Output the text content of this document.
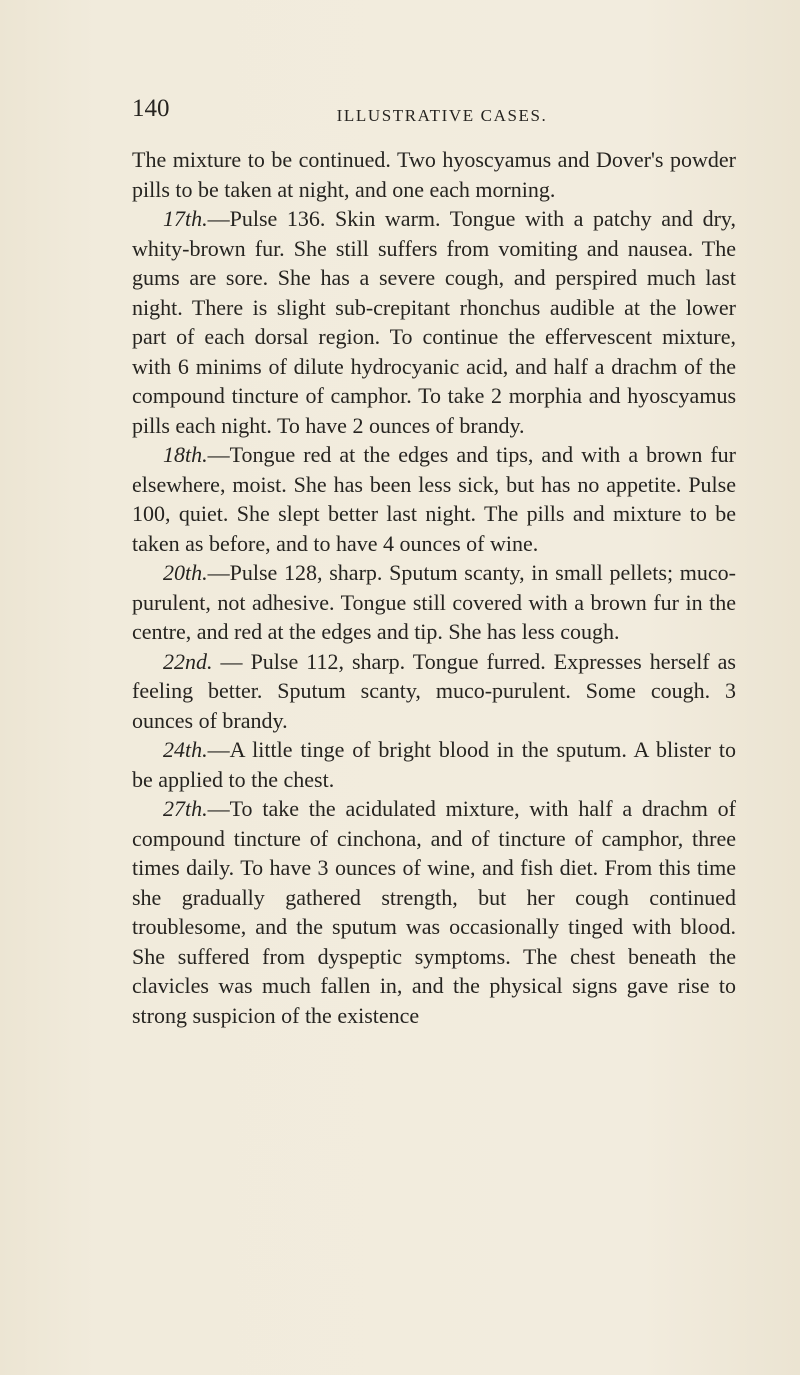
140	ILLUSTRATIVE CASES.

The mixture to be continued. Two hyoscyamus and Dover's powder pills to be taken at night, and one each morning.

17th.—Pulse 136. Skin warm. Tongue with a patchy and dry, whity-brown fur. She still suffers from vomiting and nausea. The gums are sore. She has a severe cough, and perspired much last night. There is slight sub-crepitant rhonchus audible at the lower part of each dorsal region. To continue the effervescent mixture, with 6 minims of dilute hydrocyanic acid, and half a drachm of the compound tincture of camphor. To take 2 morphia and hyoscyamus pills each night. To have 2 ounces of brandy.

18th.—Tongue red at the edges and tips, and with a brown fur elsewhere, moist. She has been less sick, but has no appetite. Pulse 100, quiet. She slept better last night. The pills and mixture to be taken as before, and to have 4 ounces of wine.

20th.—Pulse 128, sharp. Sputum scanty, in small pellets; muco-purulent, not adhesive. Tongue still covered with a brown fur in the centre, and red at the edges and tip. She has less cough.

22nd. — Pulse 112, sharp. Tongue furred. Expresses herself as feeling better. Sputum scanty, muco-purulent. Some cough. 3 ounces of brandy.

24th.—A little tinge of bright blood in the sputum. A blister to be applied to the chest.

27th.—To take the acidulated mixture, with half a drachm of compound tincture of cinchona, and of tincture of camphor, three times daily. To have 3 ounces of wine, and fish diet. From this time she gradually gathered strength, but her cough continued troublesome, and the sputum was occasionally tinged with blood. She suffered from dyspeptic symptoms. The chest beneath the clavicles was much fallen in, and the physical signs gave rise to strong suspicion of the existence
